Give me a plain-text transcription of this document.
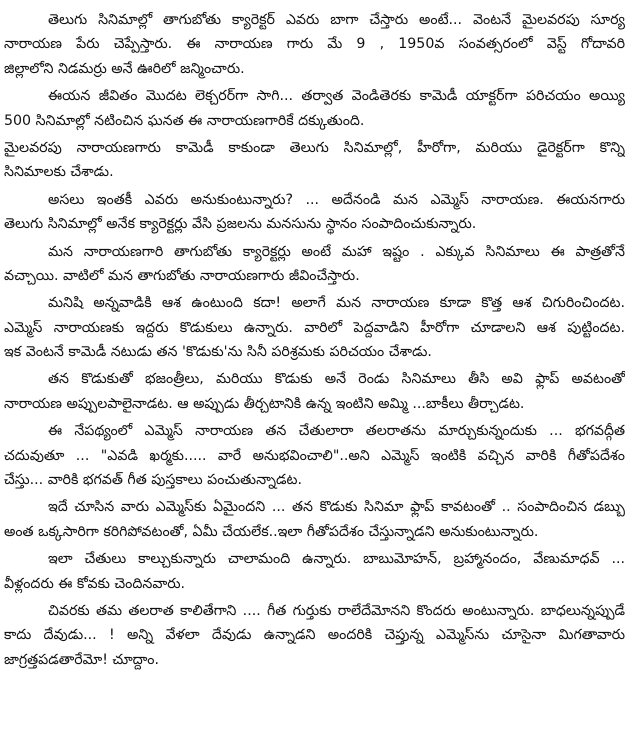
తెలుగు సినిమాల్లో తాగుబోతు క్యారెక్టర్ ఎవరు బాగా చేస్తారు అంటే... వెంటనే మైలవరపు సూర్య
నారాయణ పేరు చెప్పేస్తారు. ఈ నారాయణ గారు మే 9 , 1950వ సంవత్సరంలో వెస్ట్ గోదావరి
జిల్లాలోని నిడమర్రు అనే ఊరిలో జన్మించారు.
ఈయన జీవితం మొదట లెక్చరర్‌గా సాగి... తర్వాత వెండితెరకు కామెడీ యాక్టర్‌గా పరిచయం అయ్యి
500 సినిమాల్లో నటించిన ఘనత ఈ నారాయణగారికే దక్కుతుంది.
మైలవరపు నారాయణగారు కామెడీ కాకుండా తెలుగు సినిమాల్లో, హీరోగా, మరియు డైరెక్టర్‌గా కొన్ని
సినిమాలకు చేశాడు.
అసలు ఇంతకీ ఎవరు అనుకుంటున్నారు? ... అదేనండి మన ఎమ్మెస్ నారాయణ. ఈయనగారు
తెలుగు సినిమాల్లో అనేక క్యారెక్టర్లు వేసి ప్రజలను మనసును స్థానం సంపాదించుకున్నారు.
మన నారాయణగారి తాగుబోతు క్యారెక్టర్లు అంటే మహా ఇష్టం . ఎక్కువ సినిమాలు ఈ పాత్రతోనే
వచ్చాయి. వాటిలో మన తాగుబోతు నారాయణగారు జీవించేస్తారు.
మనిషి అన్నవాడికి ఆశ ఉంటుంది కదా! అలాగే మన నారాయణ కూడా కొత్త ఆశ చిగురించిందట.
ఎమ్మెస్ నారాయణకు ఇద్దరు కొడుకులు ఉన్నారు. వారిలో పెద్దవాడిని హీరోగా చూడాలని ఆశ పుట్టిందట.
ఇక వెంటనే కామెడీ నటుడు తన 'కొడుకు'ను సినీ పరిశ్రమకు పరిచయం చేశాడు.
తన కొడుకుతో భజంత్రీలు, మరియు కొడుకు అనే రెండు సినిమాలు తీసి అవి ఫ్లాప్ అవటంతో
నారాయణ అప్పులపాలైనాడట. ఆ అప్పుడు తీర్చటానికి ఉన్న ఇంటిని అమ్మి ...బాకీలు తీర్చాడట.
ఈ నేపథ్యంలో ఎమ్మెస్ నారాయణ తన చేతులారా తలరాతను మార్చుకున్నందుకు ... భగవద్గీత
చదువుతూ ... "ఎవడి ఖర్మకు..... వారే అనుభవించాలి"..అని ఎమ్మెస్ ఇంటికి వచ్చిన వారికి గీతోపదేశం
చేస్తు... వారికి భగవత్ గీత పుస్తకాలు పంచుతున్నాడట.
ఇదే చూసిన వారు ఎమ్మెస్‌కు ఏమైందని ... తన కొడుకు సినిమా ఫ్లాప్ కావటంతో .. సంపాదించిన డబ్బు
అంత ఒక్కసారిగా కరిగిపోవటంతో, ఏమీ చేయలేక..ఇలా గీతోపదేశం చేస్తున్నాడని అనుకుంటున్నారు.
ఇలా చేతులు కాల్చుకున్నారు చాలామంది ఉన్నారు. బాబుమోహన్, బ్రహ్మానందం, వేణుమాధవ్ ...
వీళ్లందరు ఈ కోవకు చెందినవారు.
చివరకు తమ తలరాత కాలితేగాని .... గీత గుర్తుకు రాలేదేమోనని కొందరు అంటున్నారు. బాధలున్నప్పుడే
కాదు దేవుడు... ! అన్ని వేళలా దేవుడు ఉన్నాడని అందరికి చెప్తున్న ఎమ్మెస్‌ను చూసైనా మిగతావారు
జాగ్రత్తపడతారేమో! చూద్దాం.
